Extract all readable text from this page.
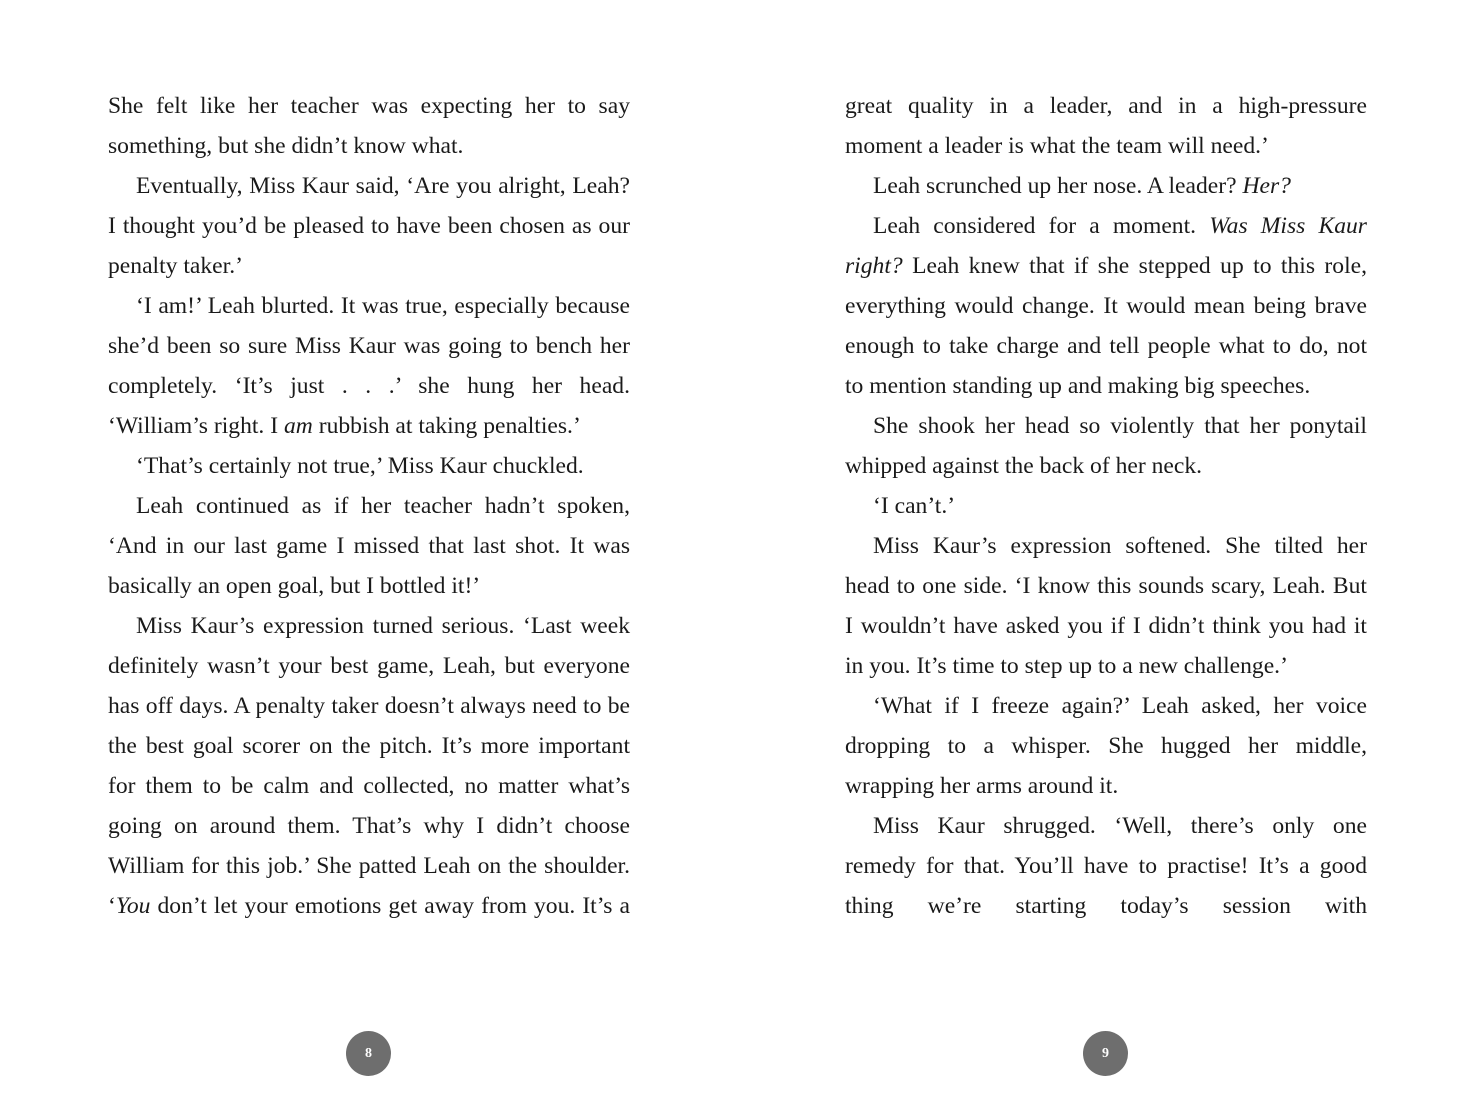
She felt like her teacher was expecting her to say something, but she didn’t know what.

Eventually, Miss Kaur said, ‘Are you alright, Leah? I thought you’d be pleased to have been chosen as our penalty taker.’

‘I am!’ Leah blurted. It was true, especially because she’d been so sure Miss Kaur was going to bench her completely. ‘It’s just . . .’ she hung her head. ‘William’s right. I am rubbish at taking penalties.’

‘That’s certainly not true,’ Miss Kaur chuckled.

Leah continued as if her teacher hadn’t spoken, ‘And in our last game I missed that last shot. It was basically an open goal, but I bottled it!’

Miss Kaur’s expression turned serious. ‘Last week definitely wasn’t your best game, Leah, but everyone has off days. A penalty taker doesn’t always need to be the best goal scorer on the pitch. It’s more important for them to be calm and collected, no matter what’s going on around them. That’s why I didn’t choose William for this job.’ She patted Leah on the shoulder. ‘You don’t let your emotions get away from you. It’s a

great quality in a leader, and in a high-pressure moment a leader is what the team will need.’

Leah scrunched up her nose. A leader? Her?

Leah considered for a moment. Was Miss Kaur right? Leah knew that if she stepped up to this role, everything would change. It would mean being brave enough to take charge and tell people what to do, not to mention standing up and making big speeches.

She shook her head so violently that her ponytail whipped against the back of her neck.

‘I can’t.’

Miss Kaur’s expression softened. She tilted her head to one side. ‘I know this sounds scary, Leah. But I wouldn’t have asked you if I didn’t think you had it in you. It’s time to step up to a new challenge.’

‘What if I freeze again?’ Leah asked, her voice dropping to a whisper. She hugged her middle, wrapping her arms around it.

Miss Kaur shrugged. ‘Well, there’s only one remedy for that. You’ll have to practise! It’s a good thing we’re starting today’s session with

8	9
